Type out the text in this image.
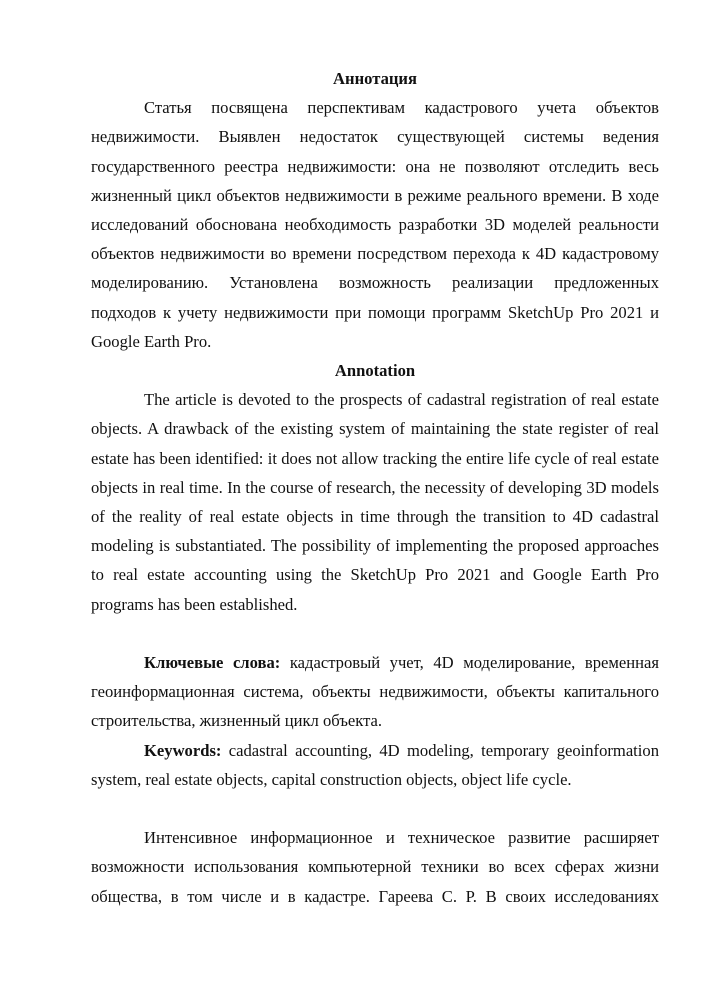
Аннотация

Статья посвящена перспективам кадастрового учета объектов недвижимости. Выявлен недостаток существующей системы ведения государственного реестра недвижимости: она не позволяют отследить весь жизненный цикл объектов недвижимости в режиме реального времени. В ходе исследований обоснована необходимость разработки 3D моделей реальности объектов недвижимости во времени посредством перехода к 4D кадастровому моделированию. Установлена возможность реализации предложенных подходов к учету недвижимости при помощи программ SketchUp Pro 2021 и Google Earth Pro.

Annotation

The article is devoted to the prospects of cadastral registration of real estate objects. A drawback of the existing system of maintaining the state register of real estate has been identified: it does not allow tracking the entire life cycle of real estate objects in real time. In the course of research, the necessity of developing 3D models of the reality of real estate objects in time through the transition to 4D cadastral modeling is substantiated. The possibility of implementing the proposed approaches to real estate accounting using the SketchUp Pro 2021 and Google Earth Pro programs has been established.

Ключевые слова: кадастровый учет, 4D моделирование, временная геоинформационная система, объекты недвижимости, объекты капитального строительства, жизненный цикл объекта.

Keywords: cadastral accounting, 4D modeling, temporary geoinformation system, real estate objects, capital construction objects, object life cycle.

Интенсивное информационное и техническое развитие расширяет возможности использования компьютерной техники во всех сферах жизни общества, в том числе и в кадастре. Гареева С. Р. В своих исследованиях
